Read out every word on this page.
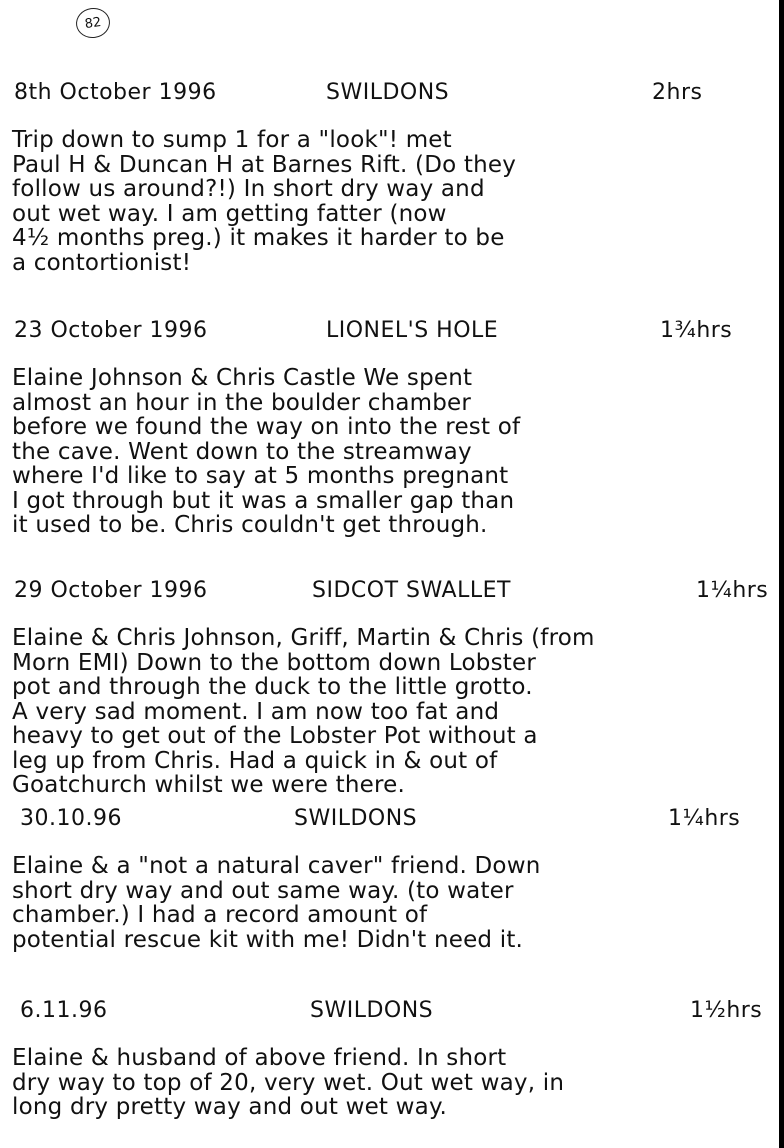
82
8th October 1996	SWILDONS	2hrs
Trip down to sump 1 for a "look"! met
Paul H & Duncan H at Barnes Rift. (Do they
follow us around?!) In short dry way and
out wet way. I am getting fatter (now
4½ months preg.) it makes it harder to be
a contortionist!
23 October 1996	LIONEL'S HOLE	1¾hrs
Elaine Johnson & Chris Castle We spent
almost an hour in the boulder chamber
before we found the way on into the rest of
the cave. Went down to the streamway
where I'd like to say at 5 months pregnant
I got through but it was a smaller gap than
it used to be. Chris couldn't get through.
29 October 1996	SIDCOT SWALLET	1¼hrs
Elaine & Chris Johnson, Griff, Martin & Chris (from
Morn EMI) Down to the bottom down Lobster
pot and through the duck to the little grotto.
A very sad moment. I am now too fat and
heavy to get out of the Lobster Pot without a
leg up from Chris. Had a quick in & out of
Goatchurch whilst we were there.
30.10.96	SWILDONS	1¼hrs
Elaine & a "not a natural caver" friend. Down
short dry way and out same way. (to water
chamber.) I had a record amount of
potential rescue kit with me! Didn't need it.
6.11.96	SWILDONS	1½hrs
Elaine & husband of above friend. In short
dry way to top of 20, very wet. Out wet way, in
long dry pretty way and out wet way.
